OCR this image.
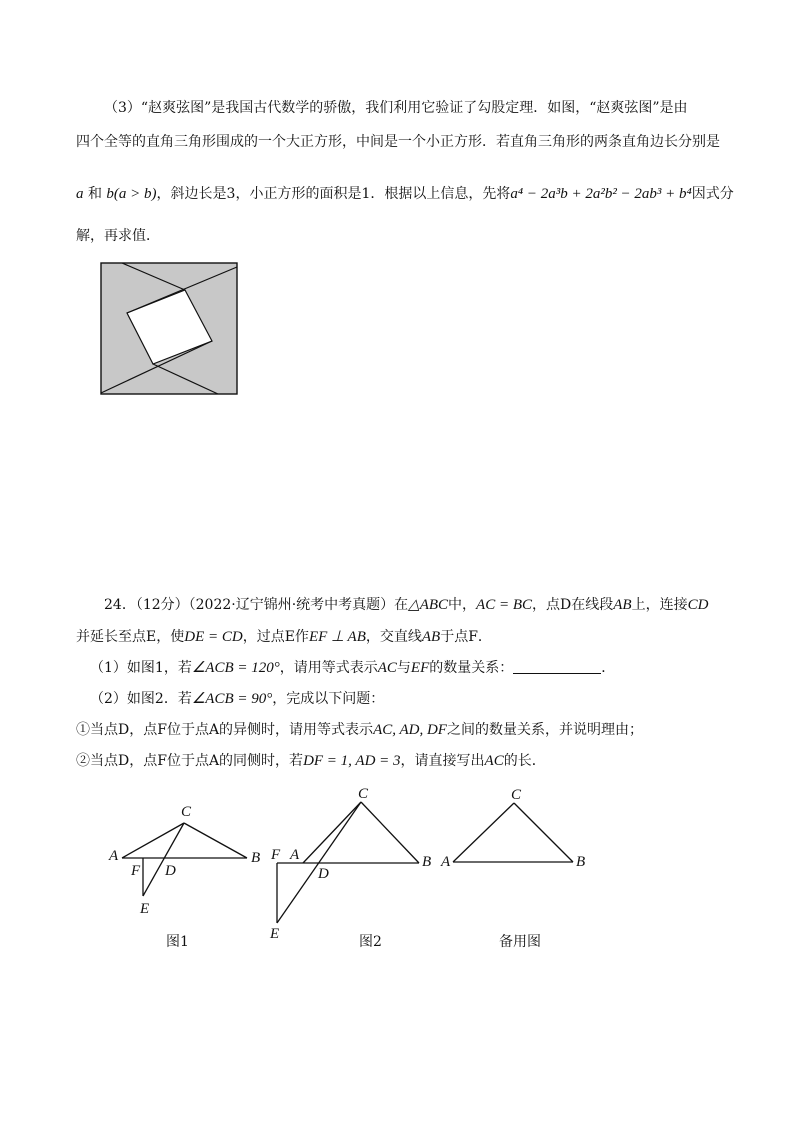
（3）“赵爽弦图”是我国古代数学的骄傲，我们利用它验证了勾股定理．如图，“赵爽弦图”是由
四个全等的直角三角形围成的一个大正方形，中间是一个小正方形．若直角三角形的两条直角边长分别是
a 和 b(a > b)，斜边长是3，小正方形的面积是1．根据以上信息，先将a⁴ − 2a³b + 2a²b² − 2ab³ + b⁴因式分
解，再求值．
24．（12分）（2022·辽宁锦州·统考中考真题）在△ABC中，AC = BC，点D在线段AB上，连接CD
并延长至点E，使DE = CD，过点E作EF ⊥ AB，交直线AB于点F．
（1）如图1，若∠ACB = 120°，请用等式表示AC与EF的数量关系：	．
（2）如图2．若∠ACB = 90°，完成以下问题：
①当点D，点F位于点A的异侧时，请用等式表示AC, AD, DF之间的数量关系，并说明理由；
②当点D，点F位于点A的同侧时，若DF = 1, AD = 3，请直接写出AC的长．
C
A	B
F D
E
图1
C
F A	B
D
E	图2
C
A	B
备用图
